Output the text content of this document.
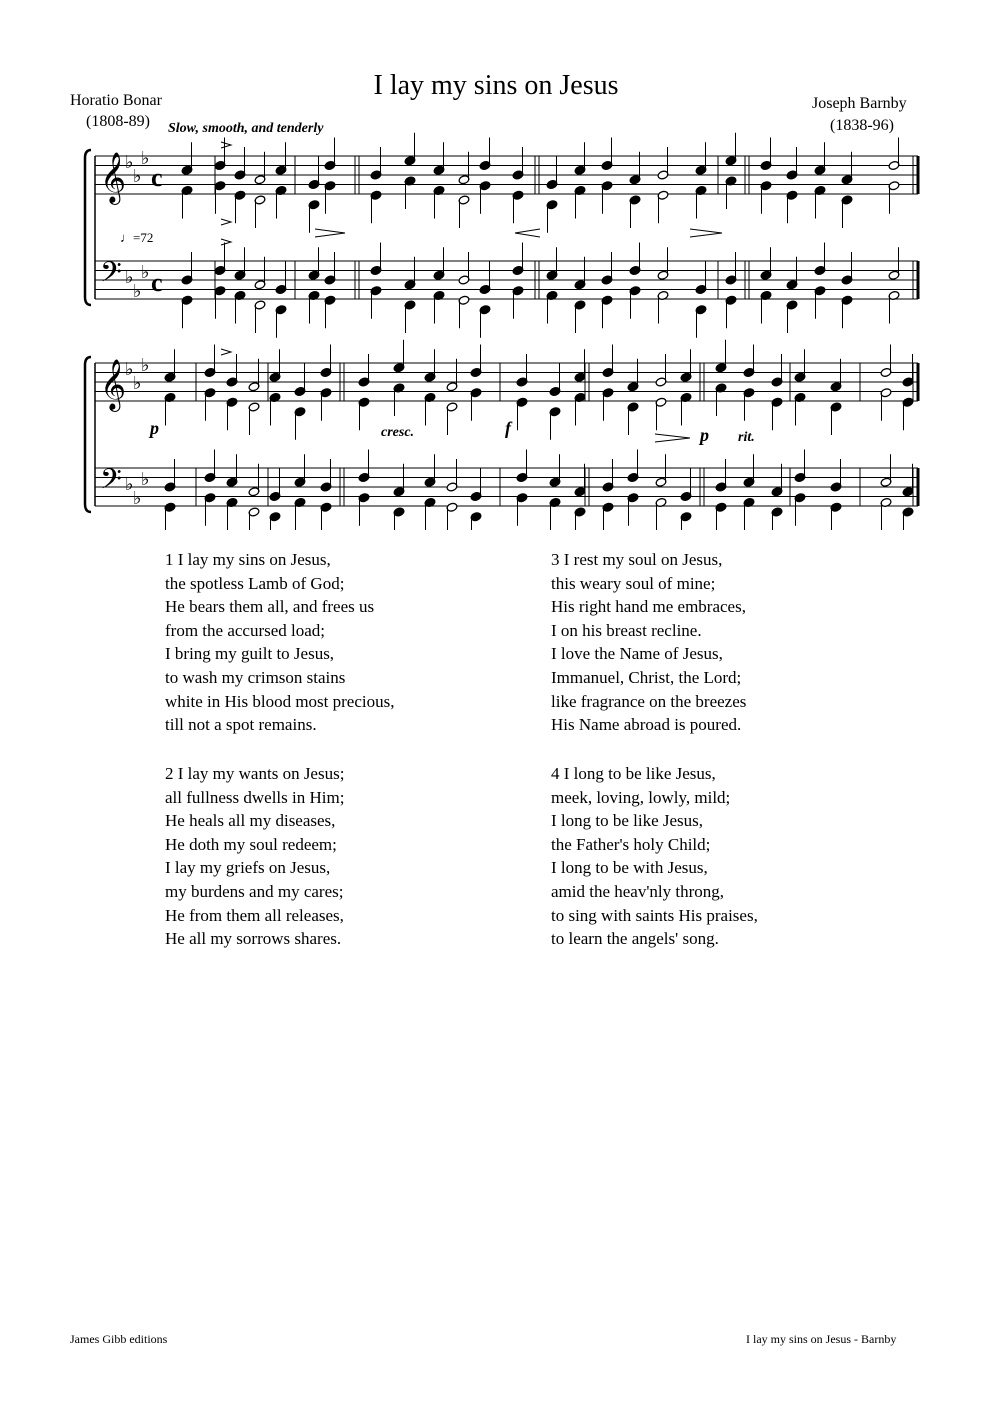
I lay my sins on Jesus
Horatio Bonar
(1808-89)
Joseph Barnby
(1838-96)
Slow, smooth, and tenderly
𝄞
♭
♭
♭
c
𝄢 ♭
♭
♭ c
𝄞
♭
♭
♭
𝄢 ♭
♭
♭
♩=72
p	cresc.	f	p rit.
1 I lay my sins on Jesus,
the spotless Lamb of God;
He bears them all, and frees us
from the accursed load;
I bring my guilt to Jesus,
to wash my crimson stains
white in His blood most precious,
till not a spot remains.
2 I lay my wants on Jesus;
all fullness dwells in Him;
He heals all my diseases,
He doth my soul redeem;
I lay my griefs on Jesus,
my burdens and my cares;
He from them all releases,
He all my sorrows shares.
3 I rest my soul on Jesus,
this weary soul of mine;
His right hand me embraces,
I on his breast recline.
I love the Name of Jesus,
Immanuel, Christ, the Lord;
like fragrance on the breezes
His Name abroad is poured.
4 I long to be like Jesus,
meek, loving, lowly, mild;
I long to be like Jesus,
the Father's holy Child;
I long to be with Jesus,
amid the heav'nly throng,
to sing with saints His praises,
to learn the angels' song.
James Gibb editions	I lay my sins on Jesus - Barnby
